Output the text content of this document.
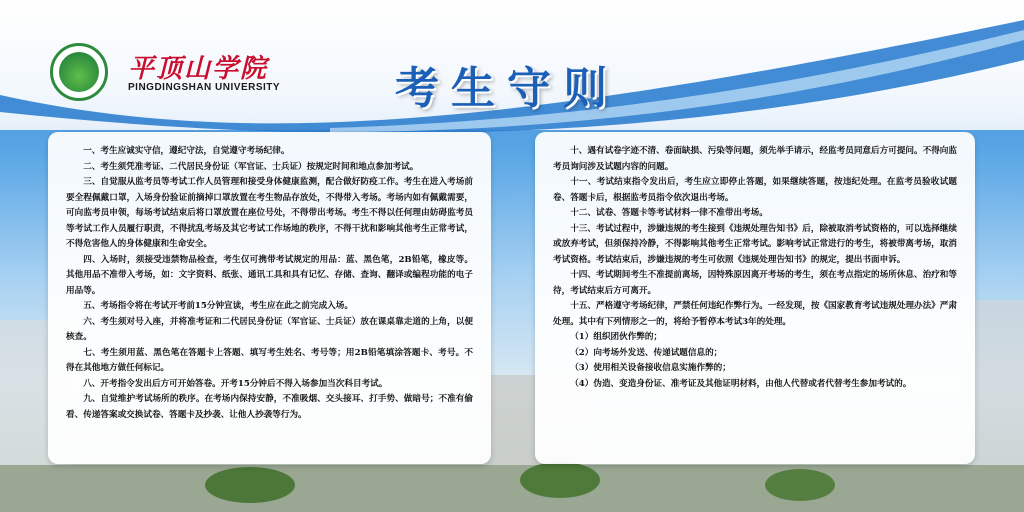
平顶山学院
PINGDINGSHAN UNIVERSITY	考生守则

一、考生应诚实守信，遵纪守法，自觉遵守考场纪律。

二、考生须凭准考证、二代居民身份证（军官证、士兵证）按规定时间和地点参加考试。

三、自觉服从监考员等考试工作人员管理和接受身体健康监测，配合做好防疫工作。考生在进入考场前要全程佩戴口罩，入场身份验证前摘掉口罩放置在考生物品存放处，不得带入考场。考场内如有佩戴需要，可向监考员申领，每场考试结束后将口罩放置在座位号处，不得带出考场。考生不得以任何理由妨碍监考员等考试工作人员履行职责，不得扰乱考场及其它考试工作场地的秩序，不得干扰和影响其他考生正常考试，不得危害他人的身体健康和生命安全。

四、入场时，须接受违禁物品检查，考生仅可携带考试规定的用品：蓝、黑色笔，2B铅笔，橡皮等。其他用品不准带入考场，如：文字资料、纸张、通讯工具和具有记忆、存储、查询、翻译或编程功能的电子用品等。

五、考场指令将在考试开考前15分钟宣读，考生应在此之前完成入场。

六、考生须对号入座，并将准考证和二代居民身份证（军官证、士兵证）放在课桌靠走道的上角，以便核查。

七、考生须用蓝、黑色笔在答题卡上答题、填写考生姓名、考号等；用2B铅笔填涂答题卡、考号。不得在其他地方做任何标记。

八、开考指令发出后方可开始答卷。开考15分钟后不得入场参加当次科目考试。

九、自觉维护考试场所的秩序。在考场内保持安静，不准吸烟、交头接耳、打手势、做暗号；不准有偷看、传递答案或交换试卷、答题卡及抄袭、让他人抄袭等行为。

十、遇有试卷字迹不清、卷面缺损、污染等问题，须先举手请示，经监考员同意后方可提问。不得向监考员询问涉及试题内容的问题。

十一、考试结束指令发出后，考生应立即停止答题，如果继续答题，按违纪处理。在监考员验收试题卷、答题卡后，根据监考员指令依次退出考场。

十二、试卷、答题卡等考试材料一律不准带出考场。

十三、考试过程中，涉嫌违规的考生接到《违规处理告知书》后，除被取消考试资格的，可以选择继续或放弃考试，但须保持冷静，不得影响其他考生正常考试。影响考试正常进行的考生，将被带离考场，取消考试资格。考试结束后，涉嫌违规的考生可依照《违规处理告知书》的规定，提出书面申诉。

十四、考试期间考生不准提前离场，因特殊原因离开考场的考生，须在考点指定的场所休息、治疗和等待，考试结束后方可离开。

十五、严格遵守考场纪律，严禁任何违纪作弊行为。一经发现，按《国家教育考试违规处理办法》严肃处理。其中有下列情形之一的，将给予暂停本考试3年的处理。

（1）组织团伙作弊的；

（2）向考场外发送、传递试题信息的；

（3）使用相关设备接收信息实施作弊的；

（4）伪造、变造身份证、准考证及其他证明材料，由他人代替或者代替考生参加考试的。
